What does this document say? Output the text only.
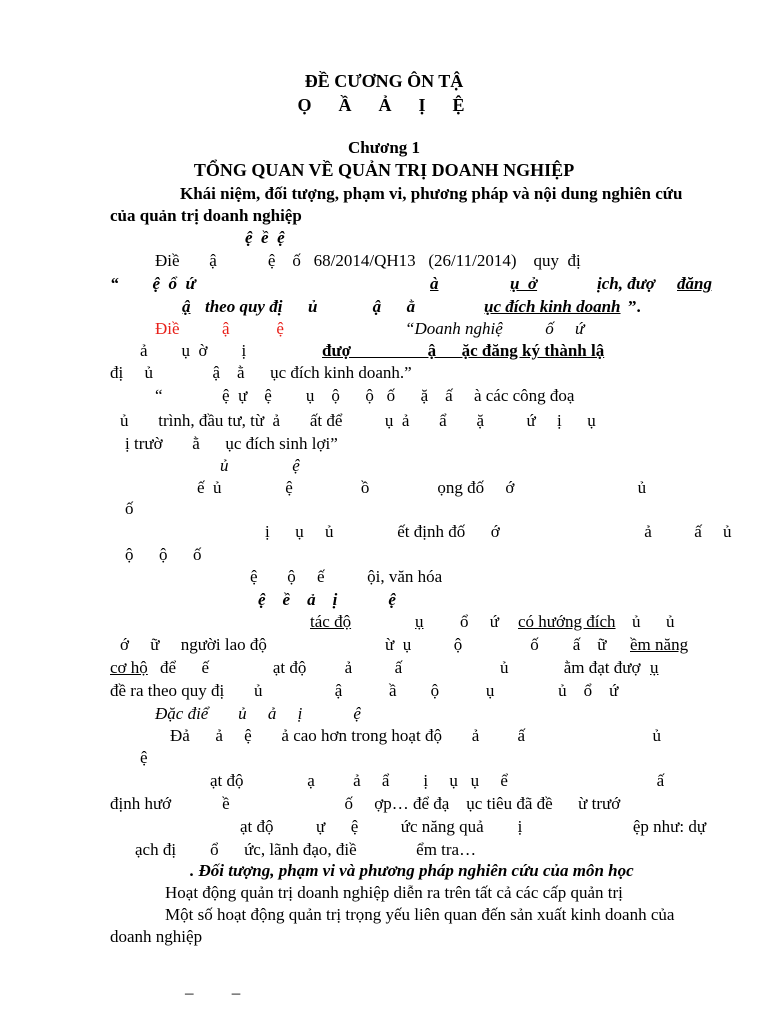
ĐỀ CƯƠNG ÔN TẬ
Ọ  Ầ  Ả  Ị  Ệ
Chương 1
TỔNG QUAN VỀ QUẢN TRỊ DOANH NGHIỆP
Khái niệm, đối tượng, phạm vi, phương pháp và nội dung nghiên cứu
của quản trị doanh nghiệp
ệ  ề  ệ
Điề       ậ            ệ    ố   68/2014/QH13   (26/11/2014)    quy  đị
“        ệ  ổ  ứ	à	ụ  ở	ịch, đượ đăng
ậ theo quy đị      ủ             ậ      ằ	ục đích kinh doanh ”.
Điề          ậ           ệ	“Doanh nghiệ          ố     ứ
ả        ụ  ờ        ị	đượ                  ậ      ặc đăng ký thành lậ
đị     ủ              ậ    ằ      ục đích kinh doanh.”
“              ệ  ự    ệ        ụ    ộ      ộ   ố      ặ    ấ     à các công đoạ
ủ       trình, đầu tư, từ  ả       ất để          ụ  ả       ẩ       ặ          ứ     ị      ụ
ị trườ       ằ      ục đích sinh lợi”
ủ               ệ
ế  ủ               ệ                ồ                ọng đố     ớ                             ủ
ố
ị      ụ     ủ               ết định đố      ớ                                  ả          ấ     ủ
ộ      ộ      ố
ệ       ộ     ế          ội, văn hóa
ệ    ề    ả    ị            ệ
tác độ	ụ ổ     ứ có hướng đích ủ      ủ
ớ     ữ     người lao độ	ừ  ụ          ộ                ố        ấ    ữ ềm năng
cơ hộ để      ế               ạt độ         ả          ấ                       ủ             ằm đạt đượ ụ
đề ra theo quy đị       ủ                 ậ           ầ        ộ           ụ               ủ    ổ    ứ
Đặc điể       ủ     ả     ị            ệ
Đả      ả     ệ       ả cao hơn trong hoạt độ       ả         ấ                              ủ
ệ
ạt độ               ạ         ả     ẩ        ị     ụ   ụ     ể                                   ấ
định hướ            ề                           ố     ợp… để đạ    ục tiêu đã đề      ừ trướ
ạt độ          ự      ệ          ức năng quả        ị                          ệp như: dự
ạch đị        ổ      ức, lãnh đạo, điề              ểm tra…
. Đối tượng, phạm vi và phương pháp nghiên cứu của môn học
Hoạt động quản trị doanh nghiệp diễn ra trên tất cả các cấp quản trị
Một số hoạt động quản trị trọng yếu liên quan đến sản xuất kinh doanh của
doanh nghiệp
–         –
